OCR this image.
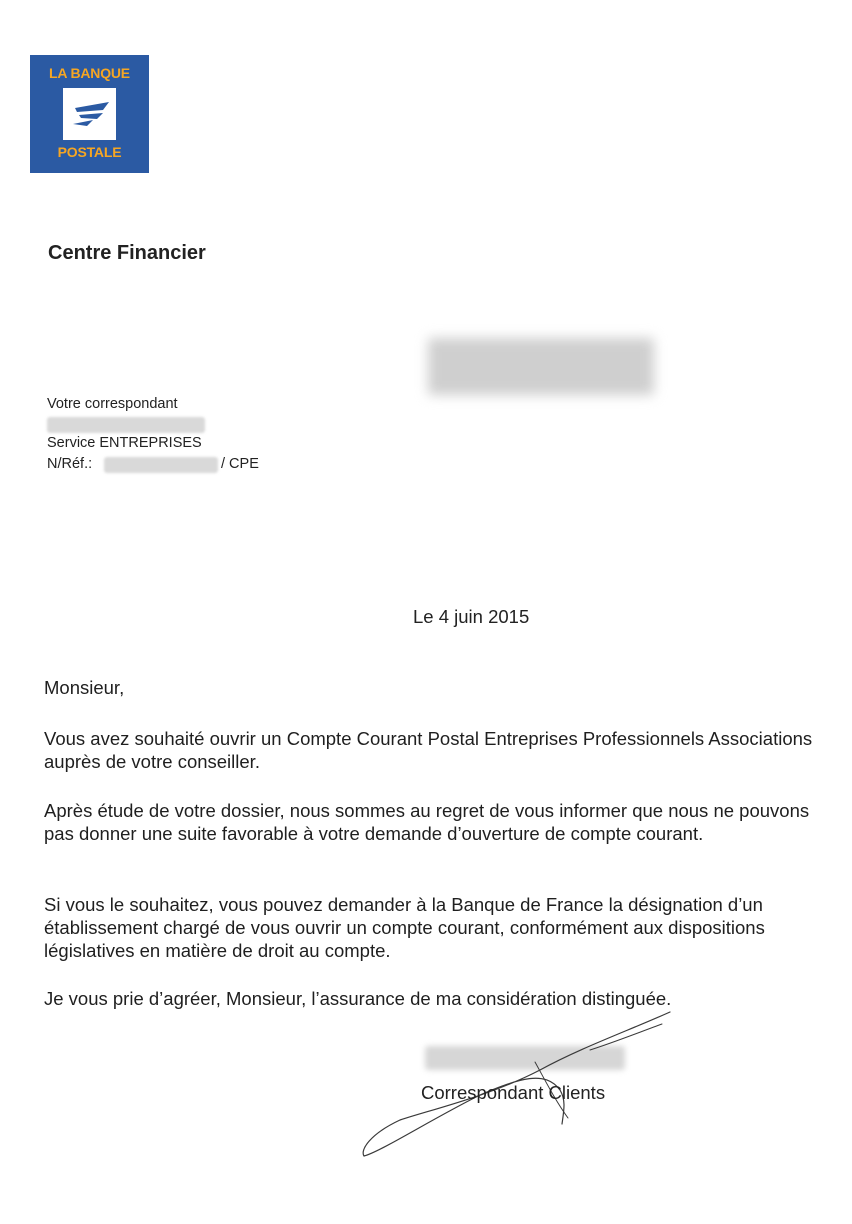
LA BANQUE
POSTALE
Centre Financier
Votre correspondant
Service ENTREPRISES
N/Réf.:	/ CPE
Le 4 juin 2015

Monsieur,

Vous avez souhaité ouvrir un Compte Courant Postal Entreprises Professionnels Associations auprès de votre conseiller.

Après étude de votre dossier, nous sommes au regret de vous informer que nous ne pouvons pas donner une suite favorable à votre demande d’ouverture de compte courant.

Si vous le souhaitez, vous pouvez demander à la Banque de France la désignation d’un établissement chargé de vous ouvrir un compte courant, conformément aux dispositions législatives en matière de droit au compte.

Je vous prie d’agréer, Monsieur, l’assurance de ma considération distinguée.

Correspondant Clients
